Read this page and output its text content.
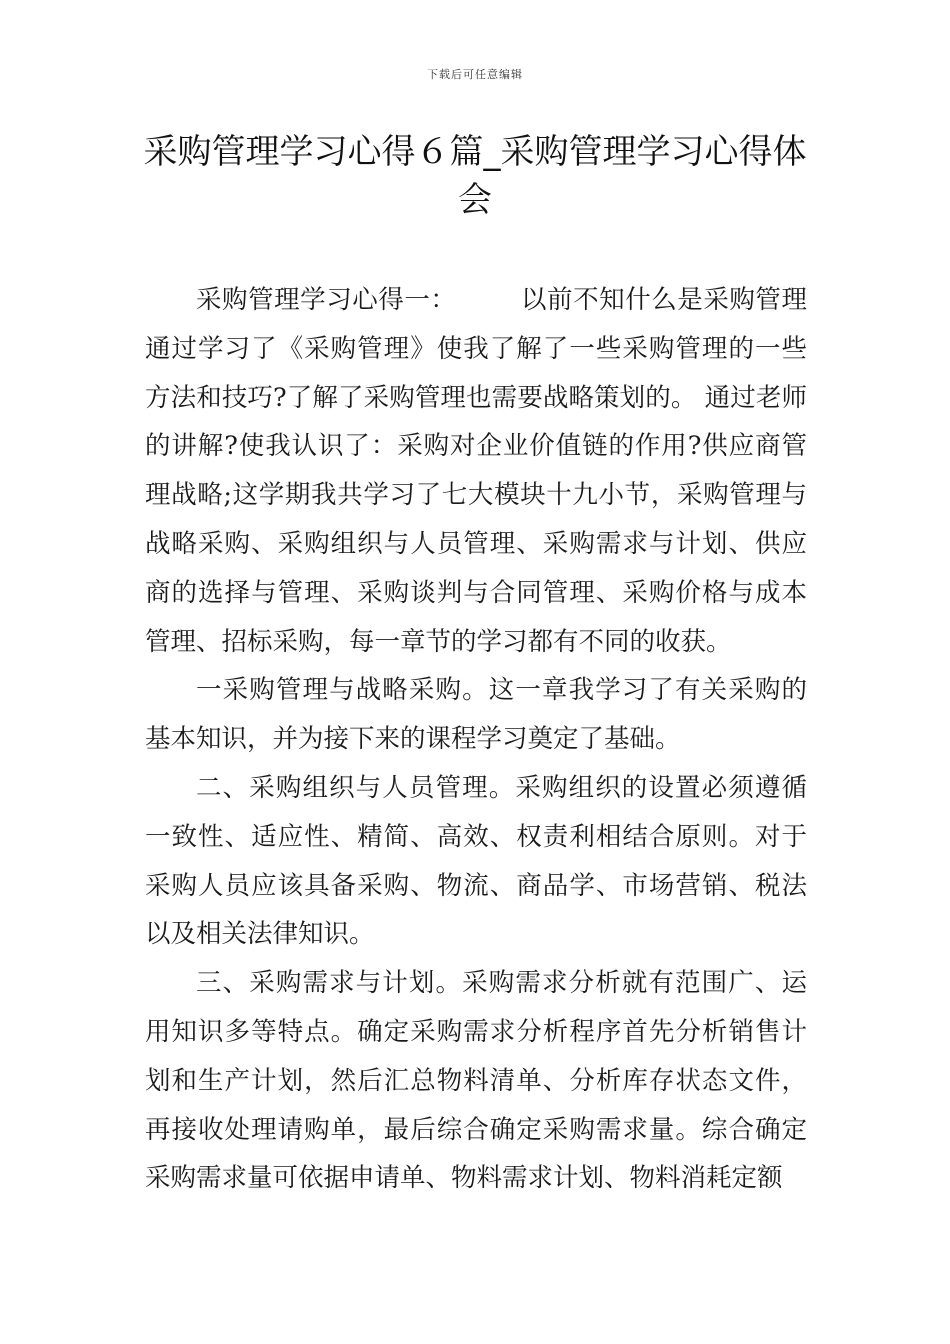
下载后可任意编辑
采购管理学习心得６篇_采购管理学习心得体会

采购管理学习心得一：	以前不知什么是采购管理通过学习了《采购管理》使我了解了一些采购管理的一些方法和技巧?了解了采购管理也需要战略策划的。 通过老师的讲解?使我认识了：采购对企业价值链的作用?供应商管理战略;这学期我共学习了七大模块十九小节，采购管理与战略采购、采购组织与人员管理、采购需求与计划、供应商的选择与管理、采购谈判与合同管理、采购价格与成本管理、招标采购，每一章节的学习都有不同的收获。

一采购管理与战略采购。这一章我学习了有关采购的基本知识，并为接下来的课程学习奠定了基础。

二、采购组织与人员管理。采购组织的设置必须遵循一致性、适应性、精简、高效、权责利相结合原则。对于采购人员应该具备采购、物流、商品学、市场营销、税法以及相关法律知识。

三、采购需求与计划。采购需求分析就有范围广、运用知识多等特点。确定采购需求分析程序首先分析销售计划和生产计划，然后汇总物料清单、分析库存状态文件，再接收处理请购单，最后综合确定采购需求量。综合确定采购需求量可依据申请单、物料需求计划、物料消耗定额
